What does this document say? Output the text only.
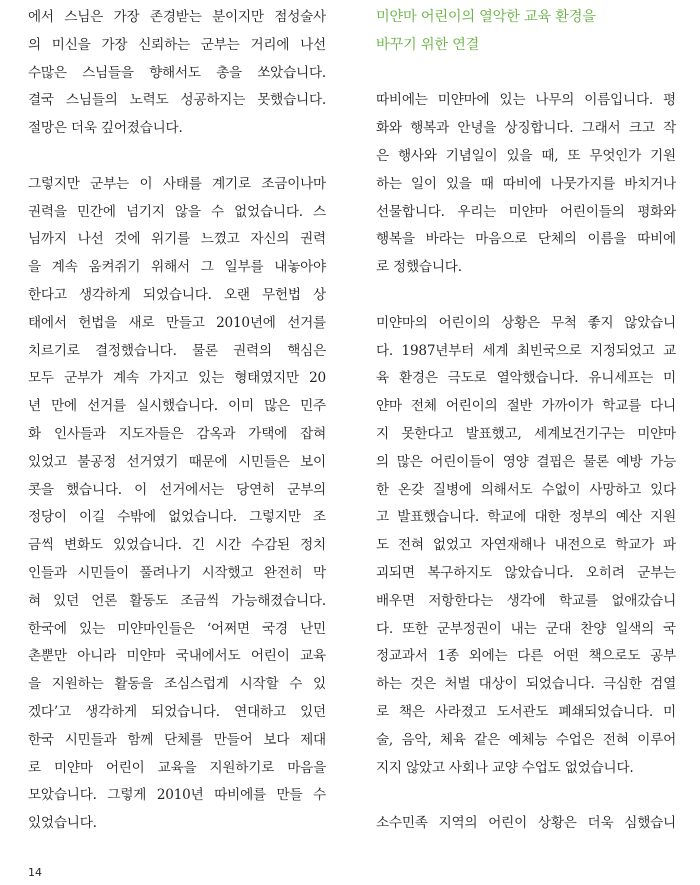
에서 스님은 가장 존경받는 분이지만 점성술사

의 미신을 가장 신뢰하는 군부는 거리에 나선

수많은 스님들을 향해서도 총을 쏘았습니다.

결국 스님들의 노력도 성공하지는 못했습니다.

절망은 더욱 깊어졌습니다.

그렇지만 군부는 이 사태를 계기로 조금이나마

권력을 민간에 넘기지 않을 수 없었습니다. 스

님까지 나선 것에 위기를 느꼈고 자신의 권력

을 계속 움켜쥐기 위해서 그 일부를 내놓아야

한다고 생각하게 되었습니다. 오랜 무헌법 상

태에서 헌법을 새로 만들고 2010년에 선거를

치르기로 결정했습니다. 물론 권력의 핵심은

모두 군부가 계속 가지고 있는 형태였지만 20

년 만에 선거를 실시했습니다. 이미 많은 민주

화 인사들과 지도자들은 감옥과 가택에 잡혀

있었고 불공정 선거였기 때문에 시민들은 보이

콧을 했습니다. 이 선거에서는 당연히 군부의

정당이 이길 수밖에 없었습니다. 그렇지만 조

금씩 변화도 있었습니다. 긴 시간 수감된 정치

인들과 시민들이 풀려나기 시작했고 완전히 막

혀 있던 언론 활동도 조금씩 가능해졌습니다.

한국에 있는 미얀마인들은 ‘어쩌면 국경 난민

촌뿐만 아니라 미얀마 국내에서도 어린이 교육

을 지원하는 활동을 조심스럽게 시작할 수 있

겠다’고 생각하게 되었습니다. 연대하고 있던

한국 시민들과 함께 단체를 만들어 보다 제대

로 미얀마 어린이 교육을 지원하기로 마음을

모았습니다. 그렇게 2010년 따비에를 만들 수

있었습니다.

미얀마 어린이의 열악한 교육 환경을

바꾸기 위한 연결

따비에는 미얀마에 있는 나무의 이름입니다. 평

화와 행복과 안녕을 상징합니다. 그래서 크고 작

은 행사와 기념일이 있을 때, 또 무엇인가 기원

하는 일이 있을 때 따비에 나뭇가지를 바치거나

선물합니다. 우리는 미얀마 어린이들의 평화와

행복을 바라는 마음으로 단체의 이름을 따비에

로 정했습니다.

미얀마의 어린이의 상황은 무척 좋지 않았습니

다. 1987년부터 세계 최빈국으로 지정되었고 교

육 환경은 극도로 열악했습니다. 유니세프는 미

얀마 전체 어린이의 절반 가까이가 학교를 다니

지 못한다고 발표했고, 세계보건기구는 미얀마

의 많은 어린이들이 영양 결핍은 물론 예방 가능

한 온갖 질병에 의해서도 수없이 사망하고 있다

고 발표했습니다. 학교에 대한 정부의 예산 지원

도 전혀 없었고 자연재해나 내전으로 학교가 파

괴되면 복구하지도 않았습니다. 오히려 군부는

배우면 저항한다는 생각에 학교를 없애갔습니

다. 또한 군부정권이 내는 군대 찬양 일색의 국

정교과서 1종 외에는 다른 어떤 책으로도 공부

하는 것은 처벌 대상이 되었습니다. 극심한 검열

로 책은 사라졌고 도서관도 폐쇄되었습니다. 미

술, 음악, 체육 같은 예체능 수업은 전혀 이루어

지지 않았고 사회나 교양 수업도 없었습니다.

소수민족 지역의 어린이 상황은 더욱 심했습니

14
